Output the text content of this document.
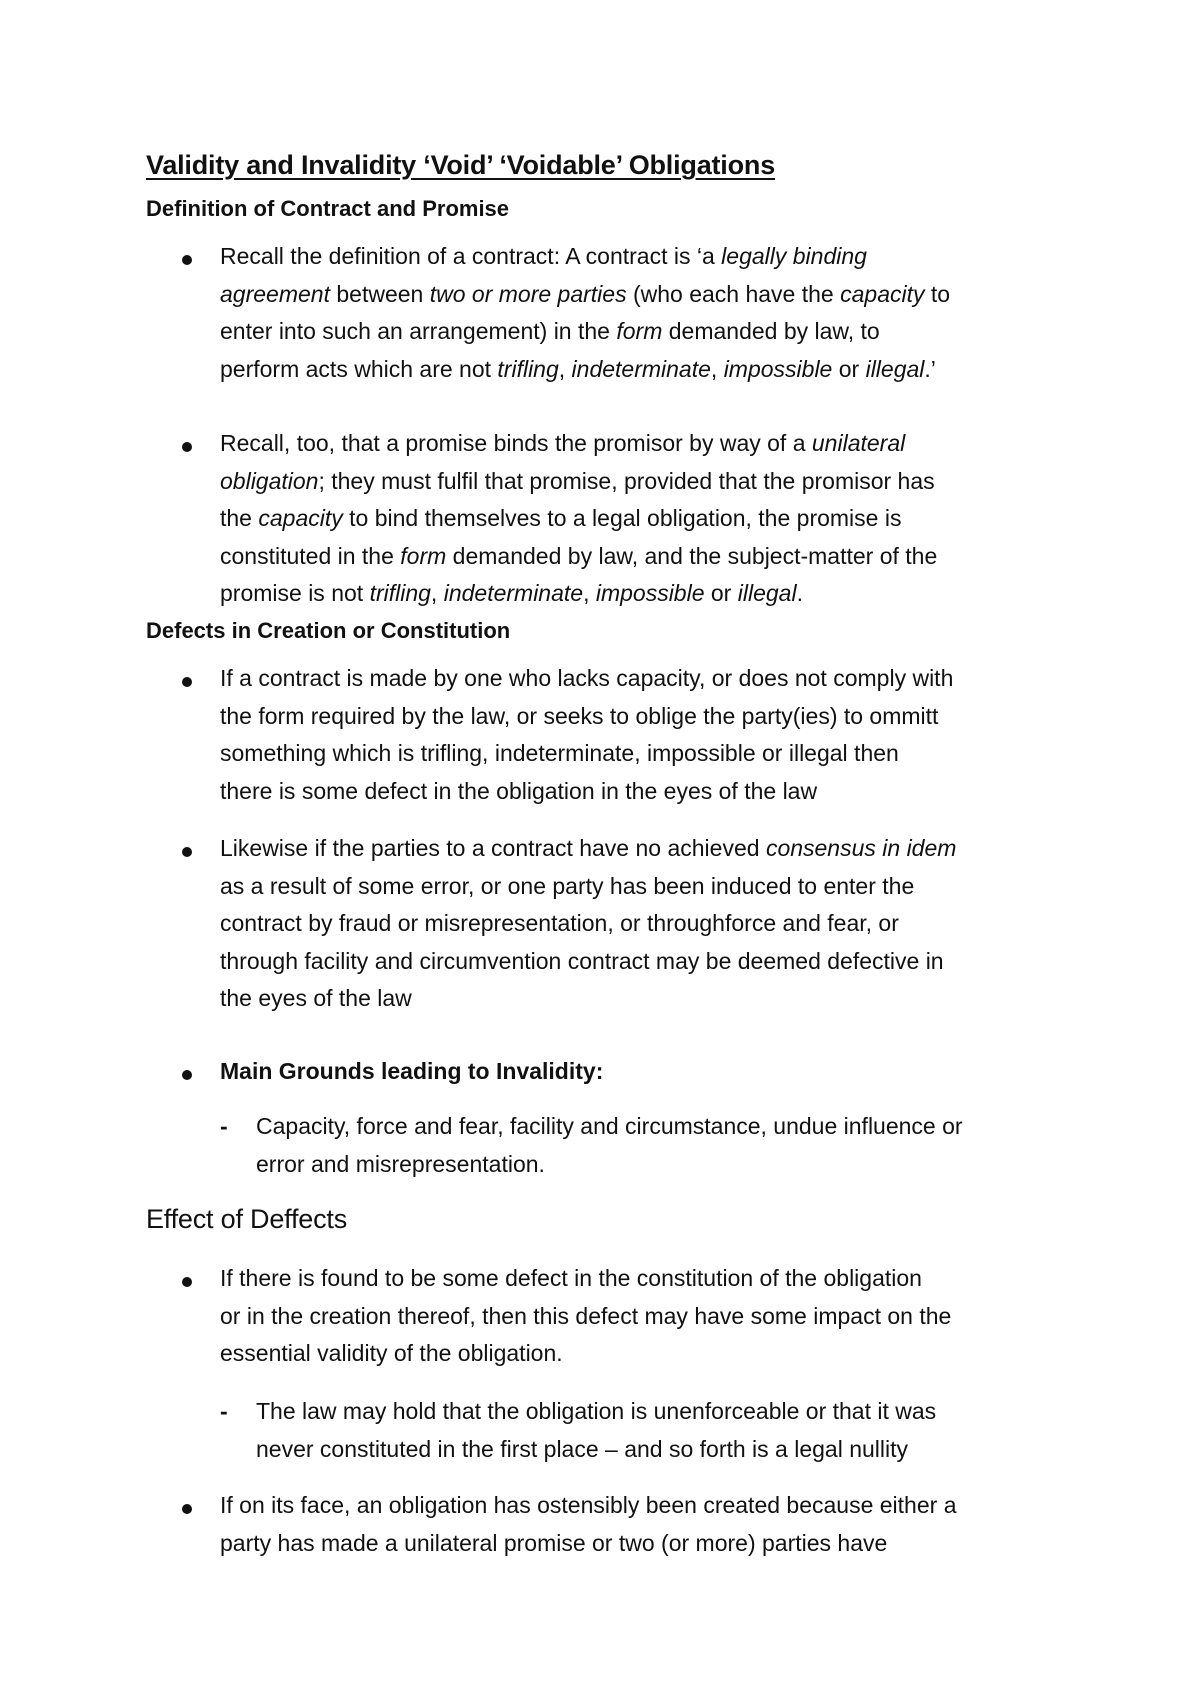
Validity and Invalidity ‘Void’ ‘Voidable’ Obligations
Definition of Contract and Promise
Recall the definition of a contract: A contract is ‘a legally binding
agreement between two or more parties (who each have the capacity to
enter into such an arrangement) in the form demanded by law, to
perform acts which are not trifling, indeterminate, impossible or illegal.’
Recall, too, that a promise binds the promisor by way of a unilateral
obligation; they must fulfil that promise, provided that the promisor has
the capacity to bind themselves to a legal obligation, the promise is
constituted in the form demanded by law, and the subject-matter of the
promise is not trifling, indeterminate, impossible or illegal.
Defects in Creation or Constitution
If a contract is made by one who lacks capacity, or does not comply with
the form required by the law, or seeks to oblige the party(ies) to ommitt
something which is trifling, indeterminate, impossible or illegal then
there is some defect in the obligation in the eyes of the law
Likewise if the parties to a contract have no achieved consensus in idem
as a result of some error, or one party has been induced to enter the
contract by fraud or misrepresentation, or throughforce and fear, or
through facility and circumvention contract may be deemed defective in
the eyes of the law
Main Grounds leading to Invalidity:
- Capacity, force and fear, facility and circumstance, undue influence or
error and misrepresentation.
Effect of Deffects
If there is found to be some defect in the constitution of the obligation
or in the creation thereof, then this defect may have some impact on the
essential validity of the obligation.
- The law may hold that the obligation is unenforceable or that it was
never constituted in the first place – and so forth is a legal nullity
If on its face, an obligation has ostensibly been created because either a
party has made a unilateral promise or two (or more) parties have
